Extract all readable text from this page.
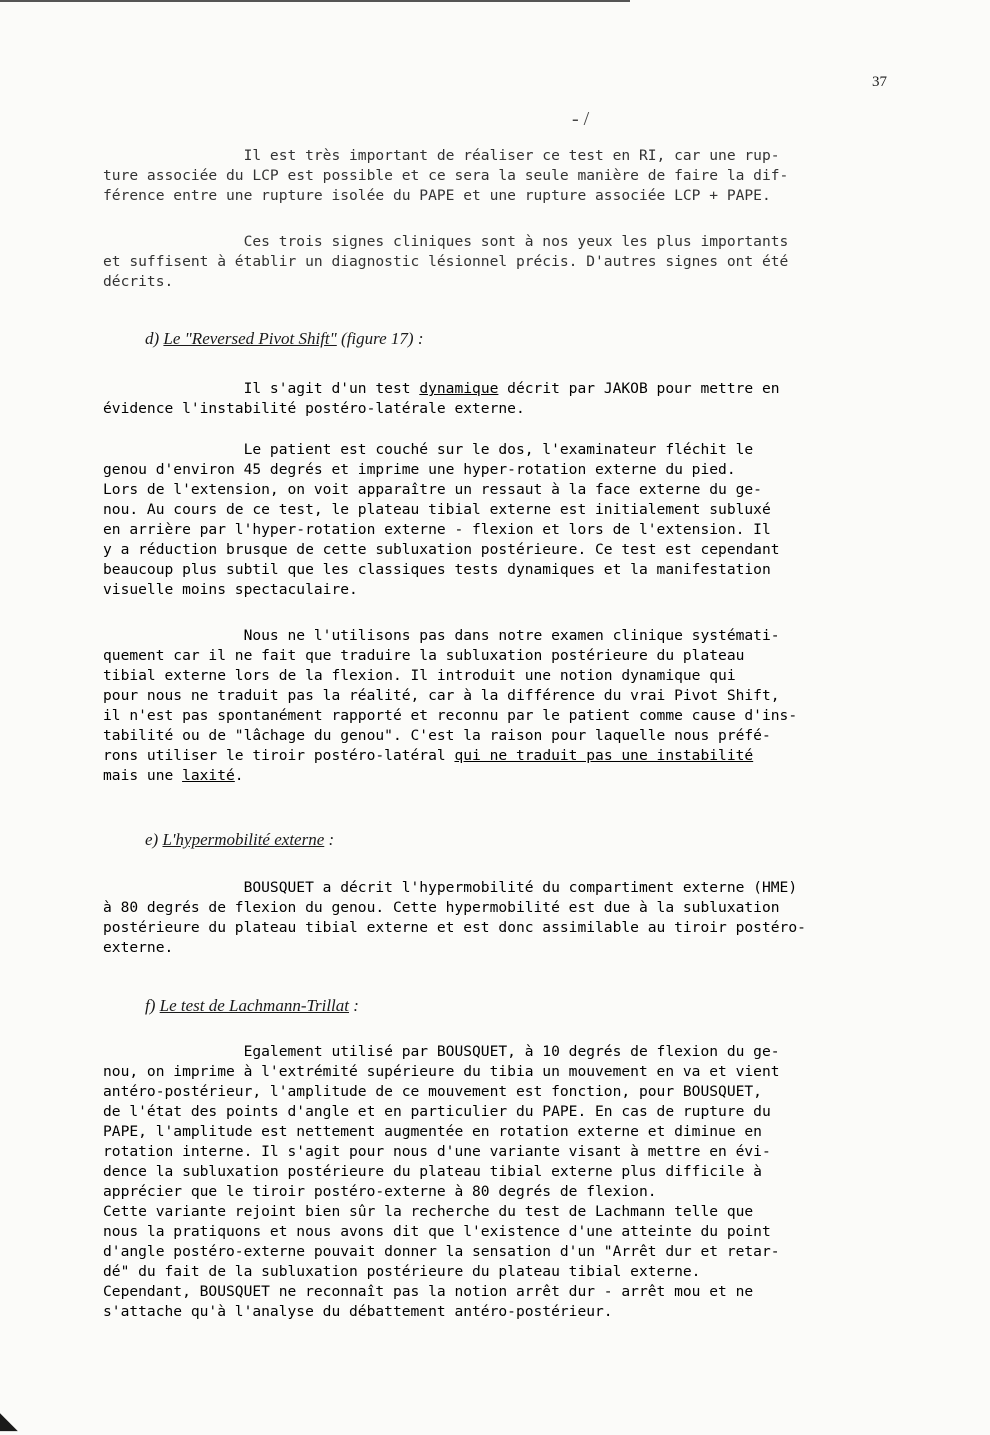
37
- /

Il est très important de réaliser ce test en RI, car une rup-
ture associée du LCP est possible et ce sera la seule manière de faire la dif-
férence entre une rupture isolée du PAPE et une rupture associée LCP + PAPE.

Ces trois signes cliniques sont à nos yeux les plus importants
et suffisent à établir un diagnostic lésionnel précis. D'autres signes ont été
décrits.

d) Le "Reversed Pivot Shift" (figure 17) :

Il s'agit d'un test dynamique décrit par JAKOB pour mettre en
évidence l'instabilité postéro-latérale externe.

Le patient est couché sur le dos, l'examinateur fléchit le
genou d'environ 45 degrés et imprime une hyper-rotation externe du pied.
Lors de l'extension, on voit apparaître un ressaut à la face externe du ge-
nou. Au cours de ce test, le plateau tibial externe est initialement subluxé
en arrière par l'hyper-rotation externe - flexion et lors de l'extension. Il
y a réduction brusque de cette subluxation postérieure. Ce test est cependant
beaucoup plus subtil que les classiques tests dynamiques et la manifestation
visuelle moins spectaculaire.

Nous ne l'utilisons pas dans notre examen clinique systémati-
quement car il ne fait que traduire la subluxation postérieure du plateau
tibial externe lors de la flexion. Il introduit une notion dynamique qui
pour nous ne traduit pas la réalité, car à la différence du vrai Pivot Shift,
il n'est pas spontanément rapporté et reconnu par le patient comme cause d'ins-
tabilité ou de "lâchage du genou". C'est la raison pour laquelle nous préfé-
rons utiliser le tiroir postéro-latéral qui ne traduit pas une instabilité
mais une laxité.

e) L'hypermobilité externe :

BOUSQUET a décrit l'hypermobilité du compartiment externe (HME)
à 80 degrés de flexion du genou. Cette hypermobilité est due à la subluxation
postérieure du plateau tibial externe et est donc assimilable au tiroir postéro-
externe.

f) Le test de Lachmann-Trillat :

Egalement utilisé par BOUSQUET, à 10 degrés de flexion du ge-
nou, on imprime à l'extrémité supérieure du tibia un mouvement en va et vient
antéro-postérieur, l'amplitude de ce mouvement est fonction, pour BOUSQUET,
de l'état des points d'angle et en particulier du PAPE. En cas de rupture du
PAPE, l'amplitude est nettement augmentée en rotation externe et diminue en
rotation interne. Il s'agit pour nous d'une variante visant à mettre en évi-
dence la subluxation postérieure du plateau tibial externe plus difficile à
apprécier que le tiroir postéro-externe à 80 degrés de flexion.
Cette variante rejoint bien sûr la recherche du test de Lachmann telle que
nous la pratiquons et nous avons dit que l'existence d'une atteinte du point
d'angle postéro-externe pouvait donner la sensation d'un "Arrêt dur et retar-
dé" du fait de la subluxation postérieure du plateau tibial externe.
Cependant, BOUSQUET ne reconnaît pas la notion arrêt dur - arrêt mou et ne
s'attache qu'à l'analyse du débattement antéro-postérieur.

◣
